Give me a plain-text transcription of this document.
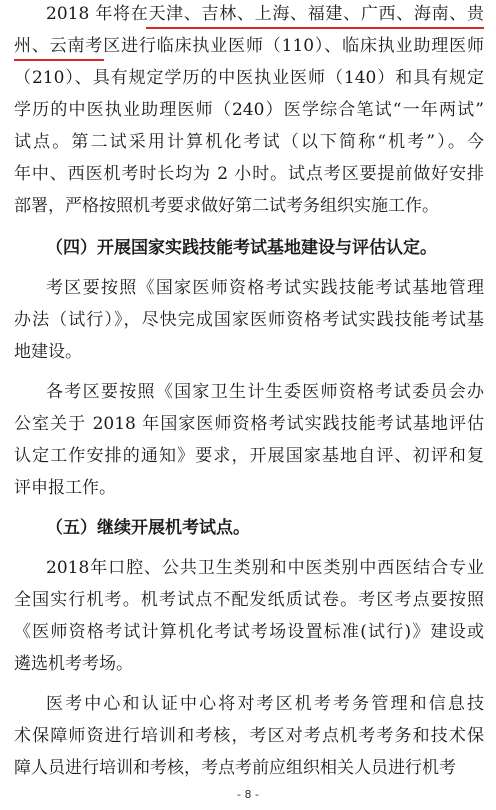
2018 年将在天津、吉林、上海、福建、广西、海南、贵
州、云南考区进行临床执业医师（110）、临床执业助理医师
（210）、具有规定学历的中医执业医师（140）和具有规定
学历的中医执业助理医师（240）医学综合笔试“一年两试”
试点。第二试采用计算机化考试（以下简称“机考”）。今
年中、西医机考时长均为 2 小时。试点考区要提前做好安排
部署，严格按照机考要求做好第二试考务组织实施工作。
（四）开展国家实践技能考试基地建设与评估认定。
考区要按照《国家医师资格考试实践技能考试基地管理
办法（试行）》，尽快完成国家医师资格考试实践技能考试基
地建设。
各考区要按照《国家卫生计生委医师资格考试委员会办
公室关于 2018 年国家医师资格考试实践技能考试基地评估
认定工作安排的通知》要求，开展国家基地自评、初评和复
评申报工作。
（五）继续开展机考试点。
2018年口腔、公共卫生类别和中医类别中西医结合专业
全国实行机考。机考试点不配发纸质试卷。考区考点要按照
《医师资格考试计算机化考试考场设置标准(试行)》建设或
遴选机考考场。
医考中心和认证中心将对考区机考考务管理和信息技
术保障师资进行培训和考核，考区对考点机考考务和技术保
障人员进行培训和考核，考点考前应组织相关人员进行机考
- 8 -
